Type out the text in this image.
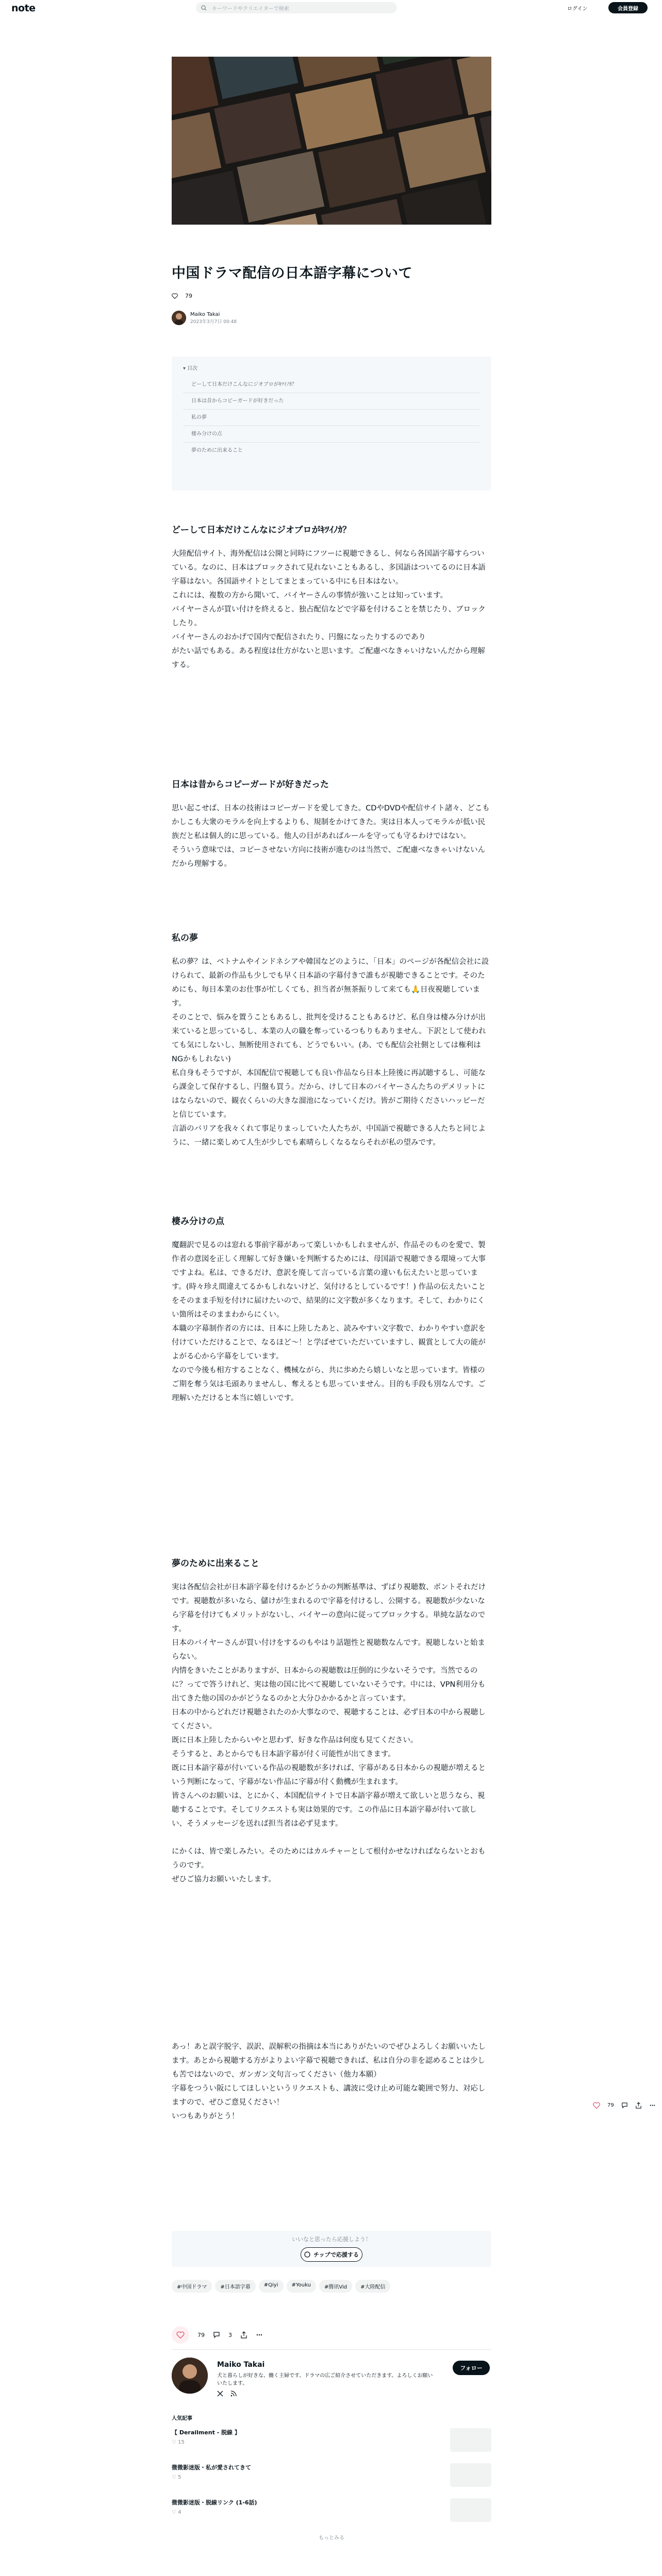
note	キーワードやクリエイターで検索	ログイン	会員登録
中国ドラマ配信の日本語字幕について
79
Maiko Takai
2023年3月7日 00:48
▾ 目次
どーして日本だけこんなにジオブロがｷﾂｲﾉｶ？
日本は昔からコピーガードが好きだった
私の夢
棲み分けの点
夢のために出来ること
どーして日本だけこんなにジオブロがｷﾂｲﾉｶ？
大陸配信サイト、海外配信は公開と同時にフツーに視聴できるし、何なら各国語字幕すらついている。なのに、日本はブロックされて見れないこともあるし、多国語はついてるのに日本語字幕はない。各国語サイトとしてまとまっている中にも日本はない。
これには、複数の方から聞いて、バイヤーさんの事情が強いことは知っています。
バイヤーさんが買い付けを終えると、独占配信などで字幕を付けることを禁じたり、ブロックしたり。
バイヤーさんのおかげで国内で配信されたり、円盤になったりするのであり
がたい話でもある。ある程度は仕方がないと思います。ご配慮ベなきゃいけないんだから理解する。
日本は昔からコピーガードが好きだった
思い起こせば、日本の技術はコピーガードを愛してきた。CDやDVDや配信サイト諸々、どこもかしこも大衆のモラルを向上するよりも、規制をかけてきた。実は日本人ってモラルが低い民族だと私は個人的に思っている。他人の目があればルールを守っても守るわけではない。
そういう意味では、コピーさせない方向に技術が進むのは当然で、ご配慮ベなきゃいけないんだから理解する。
私の夢
私の夢？は、ベトナムやインドネシアや韓国などのように、「日本」のページが各配信会社に設けられて、最新の作品も少しでも早く日本語の字幕付きで誰もが視聴できることです。そのためにも、毎日本業のお仕事が忙しくても、担当者が無茶振りして来ても🙏日夜視聴しています。
そのことで、悩みを置うこともあるし、批判を受けることもあるけど、私自身は棲み分けが出来ていると思っているし、本業の人の職を奪っているつもりもありません。下訳として使われても気にしないし、無断使用されても、どうでもいい。(あ、でも配信会社側としては権利はNGかもしれない)
私自身もそうですが、本国配信で視聴しても良い作品なら日本上陸後に再試聴するし、可能なら課金して保存するし、円盤も買う。だから、けして日本のバイヤーさんたちのデメリットにはならないので、観衣くらいの大きな溜池になっていくだけ。皆がご期待くださいハッピーだと信じています。
言語のバリアを我々くれて事足りまっしていた人たちが、中国語で視聴できる人たちと同じように、一緒に楽しめて人生が少しでも素晴らしくなるならそれが私の望みです。
棲み分けの点
魔翻訳で見るのは窓れる事前字幕があって楽しいかもしれませんが、作品そのものを愛で、製作者の意図を正しく理解して好き嫌いを判断するためには、母国語で視聴できる環境って大事ですよね。私は、できるだけ、意訳を廃して言っている言葉の違いも伝えたいと思っています。(時々珍え間違えてるかもしれないけど、気付けるとしているです！) 作品の伝えたいことをそのまま手短を付けに届けたいので、結果的に文字数が多くなります。そして、わかりにくい箇所はそのままわからにくい。
本職の字幕制作者の方には、日本に上陸したあと、読みやすい文字数で、わかりやすい意訳を付けていただけることで、なるほど〜！と学ばせていただいていますし、観賞として大の能がよがる心から字幕をしています。
なので今後も相方することなく、機械ながら、共に歩めたら嬉しいなと思っています。皆様のご期を奪う気は毛頭ありませんし、奪えるとも思っていません。目的も手段も別なんです。ご理解いただけると本当に嬉しいです。
夢のために出来ること
実は各配信会社が日本語字幕を付けるかどうかの判断基準は、ずばり視聴数、ボントそれだけです。視聴数が多いなら、儲けが生まれるので字幕を付けるし、公開する。視聴数が少ないなら字幕を付けてもメリットがないし、バイヤーの意向に従ってブロックする。単純な話なのです。
日本のバイヤーさんが買い付けをするのもやはり話題性と視聴数なんです。視聴しないと始まらない。
内情をきいたことがありますが、日本からの視聴数は圧倒的に少ないそうです。当然でるのに？ってで答うけれど、実は他の国に比べて視聴していないそうです。中には、VPN利用分も出てきた他の国のかがどうなるのかと大分ひかかるかと言っています。
日本の中からどれだけ視聴されたのか大事なので、視聴することは、必ず日本の中から視聴してください。
既に日本上陸したからいやと思わず、好きな作品は何度も見てください。
そうすると、あとからでも日本語字幕が付く可能性が出てきます。
既に日本語字幕が付いている作品の視聴数が多ければ、字幕がある日本からの視聴が増えるという判断になって、字幕がない作品に字幕が付く動機が生まれます。
皆さんへのお願いは、とにかく、本国配信サイトで日本語字幕が増えて欲しいと思うなら、視聴することです。そしてリクエストも実は効果的です。この作品に日本語字幕が付いて欲しい、そうメッセージを送れば担当者は必ず見ます。

にかくは、皆で楽しみたい。そのためにはカルチャーとして根付かせなければならないとおもうのです。
ぜひご協力お願いいたします。
あっ！あと誤字脱字、誤訳、誤解釈の指摘は本当にありがたいのでぜひよろしくお願いいたします。あとから視聴する方がよりよい字幕で視聴できれば、私は自分の非を認めることは少しも苦ではないので、ガンガン文句言ってください（他力本願）
字幕をつうい阪にしてほしいというリクエストも、講波に受け止め可能な範囲で努力、対応しますので、ぜひご意見ください！
いつもありがとう！
いいなと思ったら応援しよう！
チップで応援する
#中国ドラマ	#日本語字幕	#Qiyi	#Youku	#腾讯Vid	#大陸配信
79	3
Maiko Takai
犬と暮らしが好きな、働く主婦です。ドラマの広ご紹介させていただきます。よろしくお願いいたします。
フォロー
人気記事
【 Derailment - 脱線 】
♡ 15
微微影迷版・私が愛されてきて
♡ 5
微微影迷版・脱線リンク (1-6話)
♡ 4
もっとみる
79
